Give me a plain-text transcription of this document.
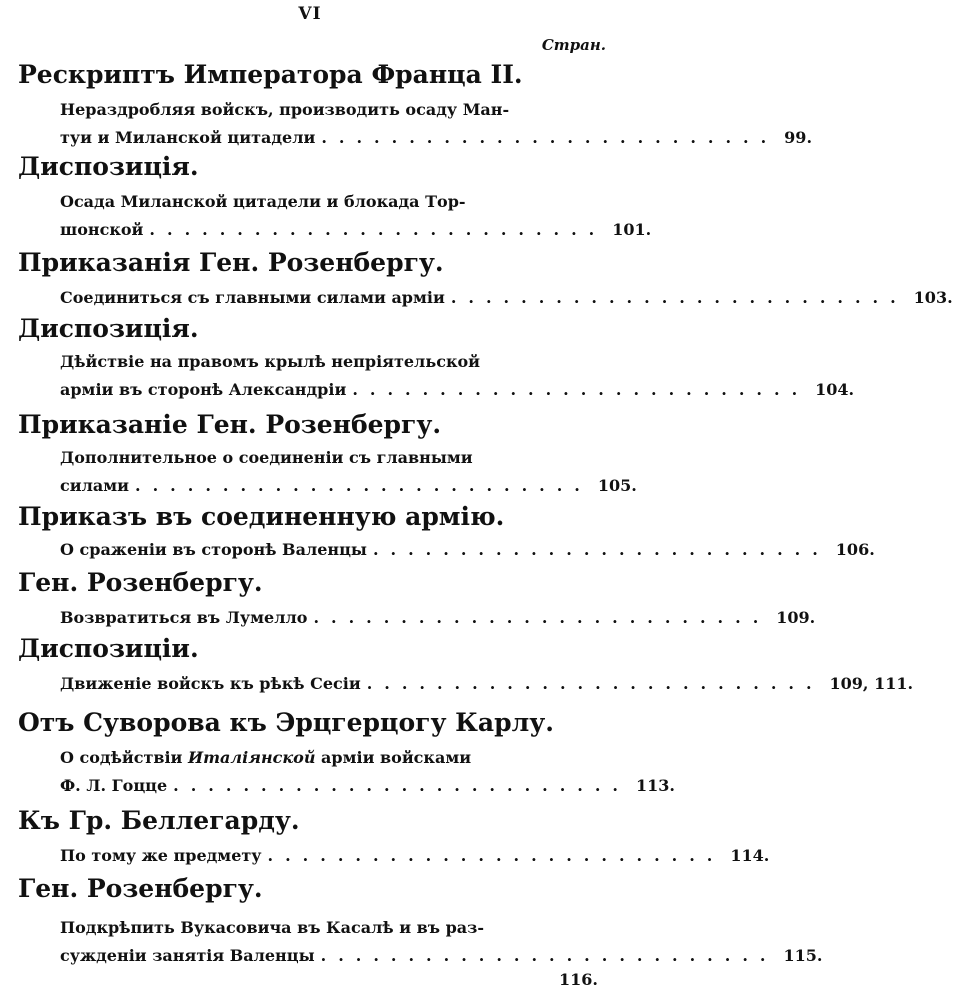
VI
Стран.
Рескриптъ Императора Франца II.
Нераздробляя войскъ, производить осаду Ман-
туи и Миланской цитадели .......................... 99.
Диспозиція.
Осада Миланской цитадели и блокада Тор-
шонской .......................... 101.
Приказанія Ген. Розенбергу.
Соединиться съ главными силами арміи .......................... 103.
Диспозиція.
Дѣйствіе на правомъ крылѣ непріятельской
арміи въ сторонѣ Александріи .......................... 104.
Приказаніе Ген. Розенбергу.
Дополнительное о соединеніи съ главными
силами .......................... 105.
Приказъ въ соединенную армію.
О сраженіи въ сторонѣ Валенцы .......................... 106.
Ген. Розенбергу.
Возвратиться въ Лумелло .......................... 109.
Диспозиціи.
Движеніе войскъ къ рѣкѣ Сесіи .......................... 109, 111.
Отъ Суворова къ Эрцгерцогу Карлу.
О содѣйствіи Италіянской арміи войсками
Ф. Л. Гоцце .......................... 113.
Къ Гр. Беллегарду.
По тому же предмету .......................... 114.
Ген. Розенбергу.
Подкрѣпить Вукасовича въ Касалѣ и въ раз-
сужденіи занятія Валенцы .......................... 115.
116.
